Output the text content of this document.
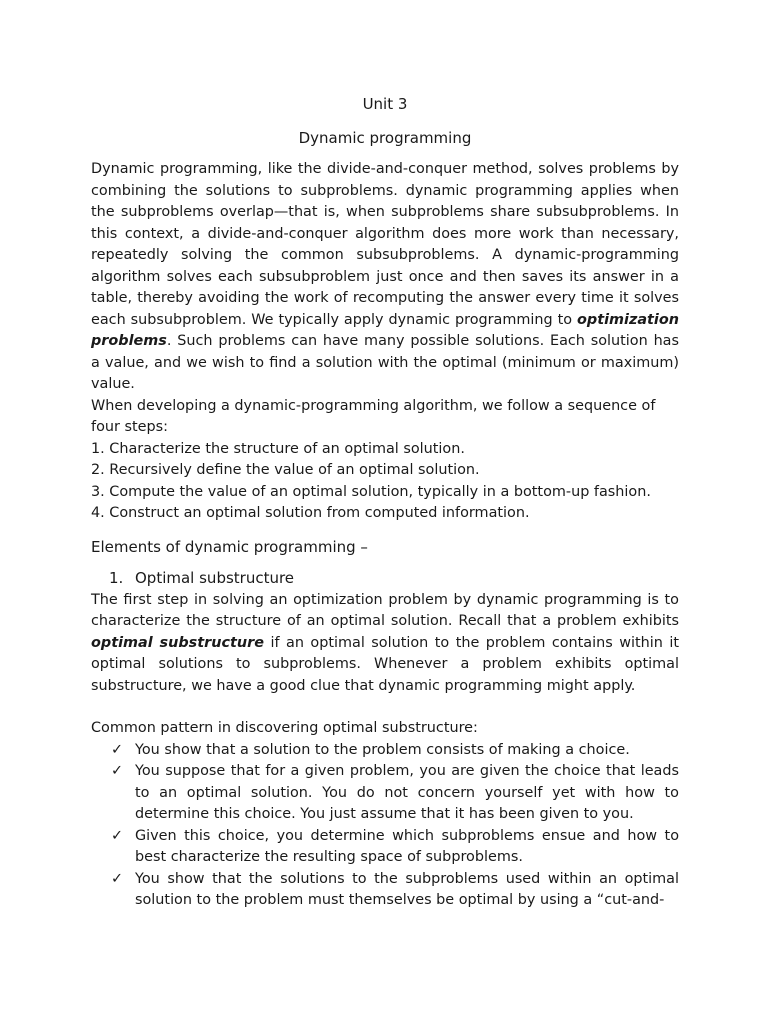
Unit 3
Dynamic programming

Dynamic programming, like the divide-and-conquer method, solves problems by combining the solutions to subproblems. dynamic programming applies when the subproblems overlap—that is, when subproblems share subsubproblems. In this context, a divide-and-conquer algorithm does more work than necessary, repeatedly solving the common subsubproblems. A dynamic-programming algorithm solves each subsubproblem just once and then saves its answer in a table, thereby avoiding the work of recomputing the answer every time it solves each subsubproblem. We typically apply dynamic programming to optimization problems. Such problems can have many possible solutions. Each solution has a value, and we wish to find a solution with the optimal (minimum or maximum) value.

When developing a dynamic-programming algorithm, we follow a sequence of four steps:

1. Characterize the structure of an optimal solution.

2. Recursively define the value of an optimal solution.

3. Compute the value of an optimal solution, typically in a bottom-up fashion.

4. Construct an optimal solution from computed information.

Elements of dynamic programming –
1. Optimal substructure

The first step in solving an optimization problem by dynamic programming is to characterize the structure of an optimal solution. Recall that a problem exhibits optimal substructure if an optimal solution to the problem contains within it optimal solutions to subproblems. Whenever a problem exhibits optimal substructure, we have a good clue that dynamic programming might apply.

Common pattern in discovering optimal substructure:

✓ You show that a solution to the problem consists of making a choice.
✓ You suppose that for a given problem, you are given the choice that leads to an optimal solution. You do not concern yourself yet with how to determine this choice. You just assume that it has been given to you.
✓ Given this choice, you determine which subproblems ensue and how to best characterize the resulting space of subproblems.
✓ You show that the solutions to the subproblems used within an optimal solution to the problem must themselves be optimal by using a “cut-and-
